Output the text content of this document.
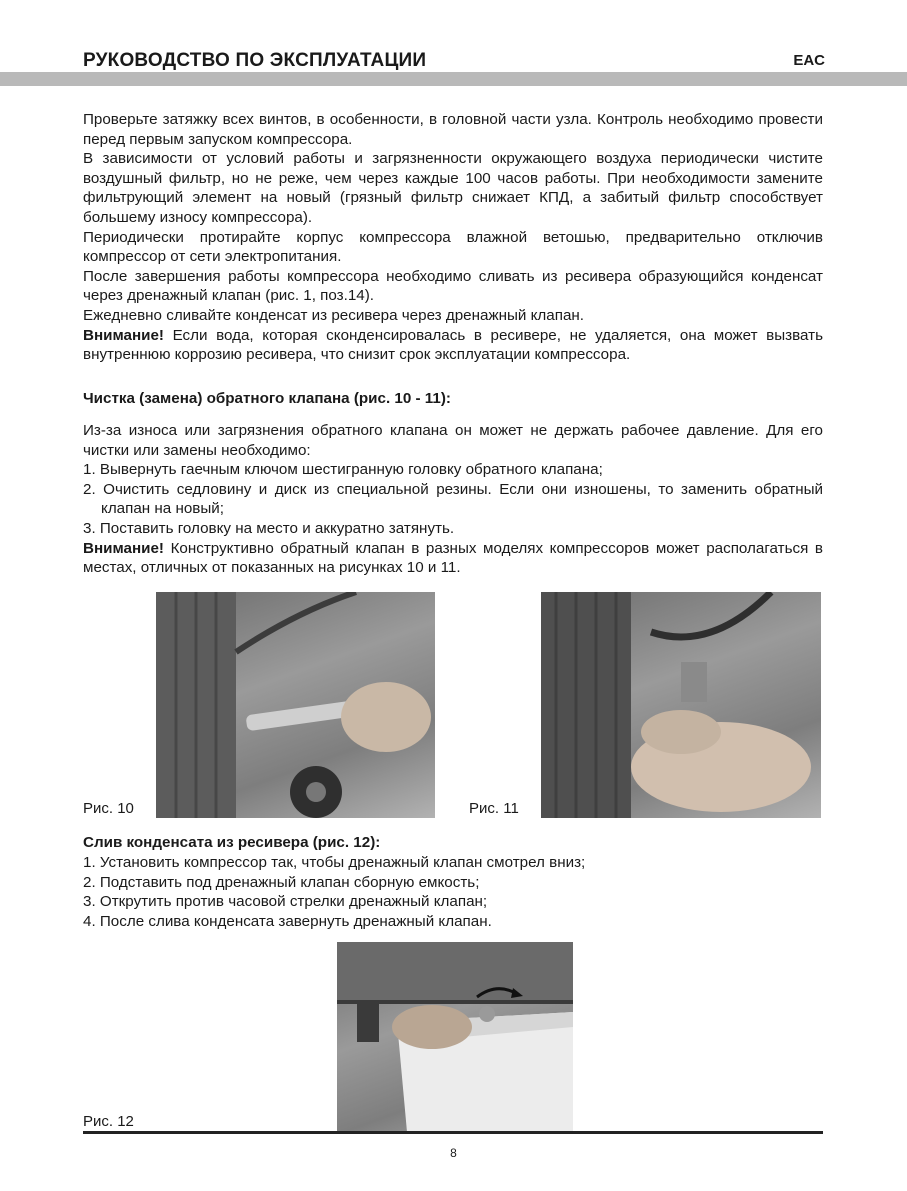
РУКОВОДСТВО ПО ЭКСПЛУАТАЦИИ	EAC

Проверьте затяжку всех винтов, в особенности, в головной части узла. Контроль необходимо провести перед первым запуском компрессора.

В зависимости от условий работы и загрязненности окружающего воздуха периодически чистите воздушный фильтр, но не реже, чем через каждые 100 часов работы. При необходимости замените фильтрующий элемент на новый (грязный фильтр снижает КПД, а забитый фильтр способствует большему износу компрессора).

Периодически протирайте корпус компрессора влажной ветошью, предварительно отключив компрессор от сети электропитания.

После завершения работы компрессора необходимо сливать из ресивера образующийся конденсат через дренажный клапан (рис. 1, поз.14).

Ежедневно сливайте конденсат из ресивера через дренажный клапан.

Внимание! Если вода, которая сконденсировалась в ресивере, не удаляется, она может вызвать внутреннюю коррозию ресивера, что снизит срок эксплуатации компрессора.

Чистка (замена) обратного клапана (рис. 10 - 11):

Из-за износа или загрязнения обратного клапана он может не держать рабочее давление. Для его чистки или замены необходимо:

1. Вывернуть гаечным ключом шестигранную головку обратного клапана;

2. Очистить седловину и диск из специальной резины. Если они изношены, то заменить обратный клапан на новый;

3. Поставить головку на место и аккуратно затянуть.

Внимание! Конструктивно обратный клапан в разных моделях компрессоров может располагаться в местах, отличных от показанных на рисунках 10 и 11.

Рис. 10	Рис. 11
Слив конденсата из ресивера (рис. 12):

1. Установить компрессор так, чтобы дренажный клапан смотрел вниз;

2. Подставить под дренажный клапан сборную емкость;

3. Открутить против часовой стрелки дренажный клапан;

4. После слива конденсата завернуть дренажный клапан.

Рис. 12
8
